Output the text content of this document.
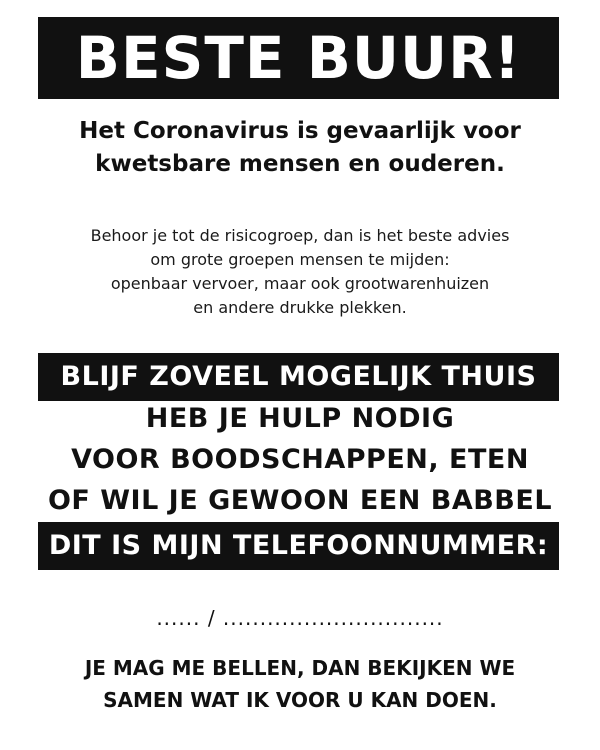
BESTE BUUR!
Het Coronavirus is gevaarlijk voor
kwetsbare mensen en ouderen.
Behoor je tot de risicogroep, dan is het beste advies
om grote groepen mensen te mijden:
openbaar vervoer, maar ook grootwarenhuizen
en andere drukke plekken.
BLIJF ZOVEEL MOGELIJK THUIS
HEB JE HULP NODIG
VOOR BOODSCHAPPEN, ETEN
OF WIL JE GEWOON EEN BABBEL
DIT IS MIJN TELEFOONNUMMER:
...... / ..............................
JE MAG ME BELLEN, DAN BEKIJKEN WE
SAMEN WAT IK VOOR U KAN DOEN.
